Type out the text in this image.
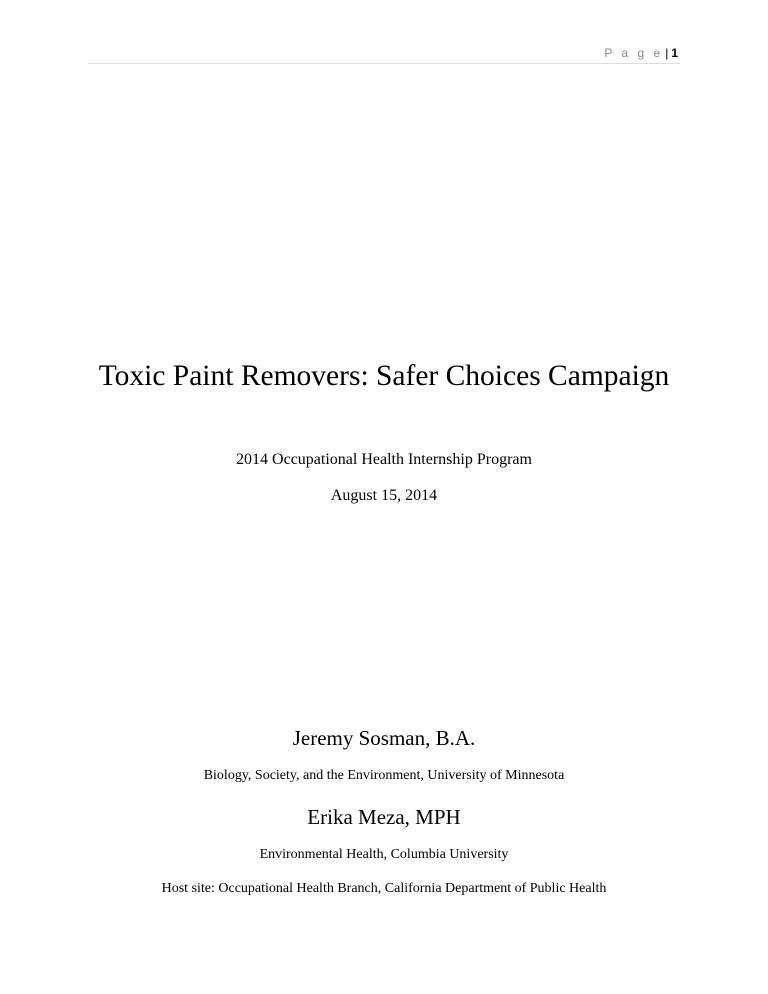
P a g e | 1
Toxic Paint Removers: Safer Choices Campaign
2014 Occupational Health Internship Program
August 15, 2014
Jeremy Sosman, B.A.
Biology, Society, and the Environment, University of Minnesota
Erika Meza, MPH
Environmental Health, Columbia University
Host site: Occupational Health Branch, California Department of Public Health
